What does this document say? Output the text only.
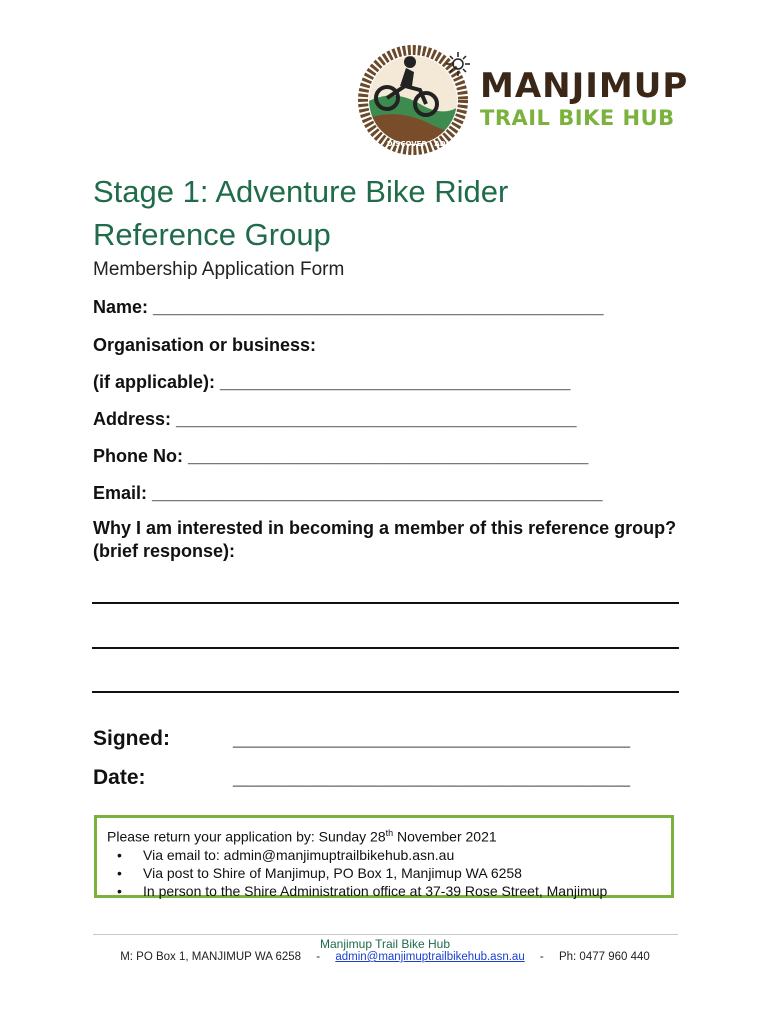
EXPLORE · DISCOVER · ADVENTURE
MANJIMUP
TRAIL BIKE HUB
Stage 1: Adventure Bike Rider Reference Group
Membership Application Form
Name: _____________________________________________
Organisation or business:
(if applicable): ___________________________________
Address: ________________________________________
Phone No: ________________________________________
Email: _____________________________________________
Why I am interested in becoming a member of this reference group? (brief response):
Signed:	__________________________________
Date:	__________________________________
Please return your application by: Sunday 28th November 2021
• Via email to: admin@manjimuptrailbikehub.asn.au
• Via post to Shire of Manjimup, PO Box 1, Manjimup WA 6258
• In person to the Shire Administration office at 37-39 Rose Street, Manjimup
Manjimup Trail Bike Hub
M: PO Box 1, MANJIMUP WA 6258 - admin@manjimuptrailbikehub.asn.au - Ph: 0477 960 440
